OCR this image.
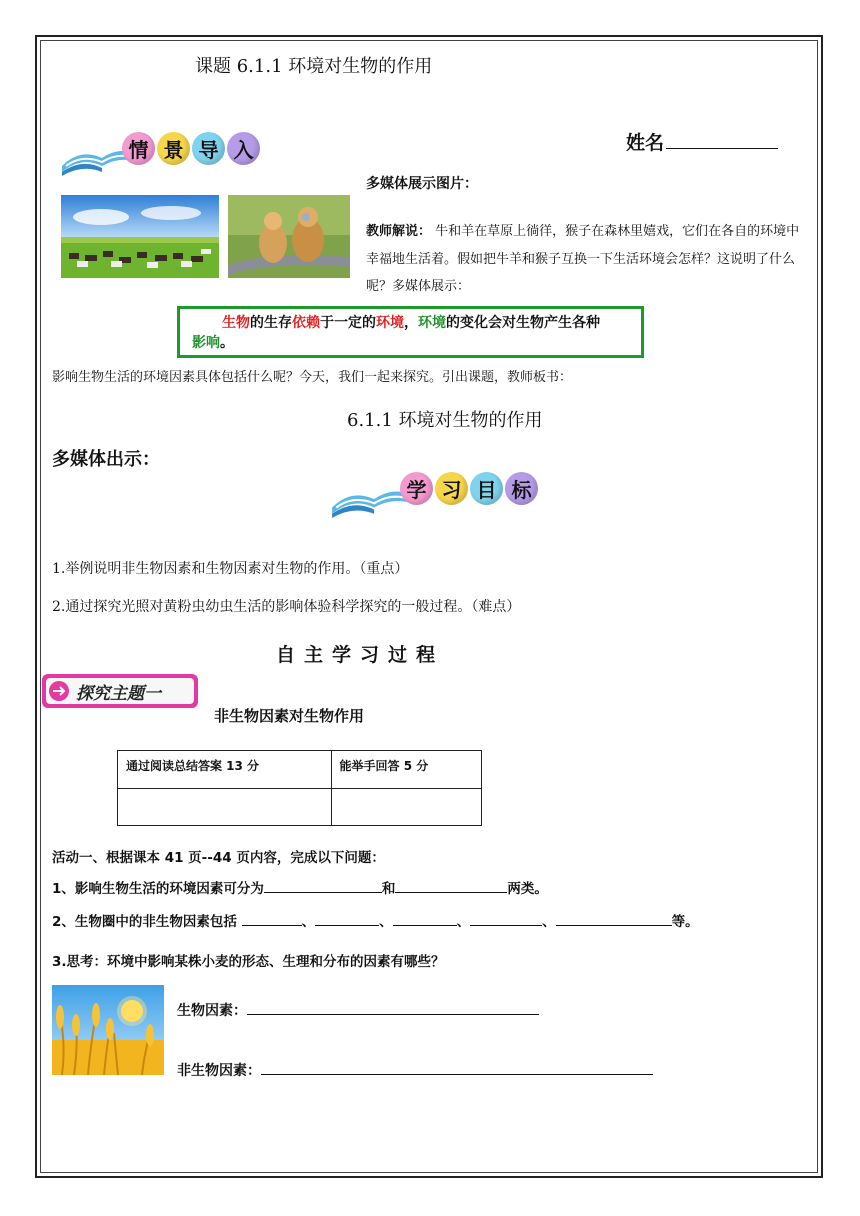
课题 6.1.1 环境对生物的作用
情 景 导 入	姓名
多媒体展示图片：
教师解说： 牛和羊在草原上徜徉，猴子在森林里嬉戏，它们在各自的环境中幸福地生活着。假如把牛羊和猴子互换一下生活环境会怎样？这说明了什么呢？多媒体展示：
生物的生存依赖于一定的环境，环境的变化会对生物产生各种
影响。
影响生物生活的环境因素具体包括什么呢？今天，我们一起来探究。引出课题，教师板书：
6.1.1 环境对生物的作用
多媒体出示：
学 习 目 标
1.举例说明非生物因素和生物因素对生物的作用。（重点）
2.通过探究光照对黄粉虫幼虫生活的影响体验科学探究的一般过程。（难点）
自主学习过程
探究主题一
非生物因素对生物作用
通过阅读总结答案 13 分	能举手回答 5 分

活动一、根据课本 41 页--44 页内容，完成以下问题：
1、影响生物生活的环境因素可分为	和	两类。
2、生物圈中的非生物因素包括	、	、	、	、	等。
3.思考：环境中影响某株小麦的形态、生理和分布的因素有哪些？
生物因素：
非生物因素：
